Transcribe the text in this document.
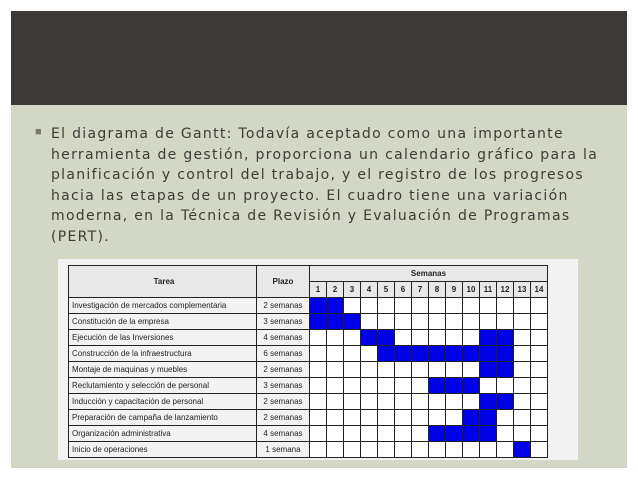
■ El diagrama de Gantt: Todavía aceptado como una importante herramienta de gestión, proporciona un calendario gráfico para la planificación y control del trabajo, y el registro de los progresos hacia las etapas de un proyecto. El cuadro tiene una variación moderna, en la Técnica de Revisión y Evaluación de Programas (PERT).

Tarea	Plazo	Semanas													
		1	2	3	4	5	6	7	8	9	10	11	12	13	14
Investigación de mercados complementaria	2 semanas														
Constitución de la empresa	3 semanas														
Ejecución de las Inversiones	4 semanas														
Construcción de la infraestructura	6 semanas														
Montaje de maquinas y muebles	2 semanas														
Reclutamiento y selección de personal	3 semanas														
Inducción y capacitación de personal	2 semanas														
Preparación de campaña de lanzamiento	2 semanas														
Organización administrativa	4 semanas														
Inicio de operaciones	1 semana														
